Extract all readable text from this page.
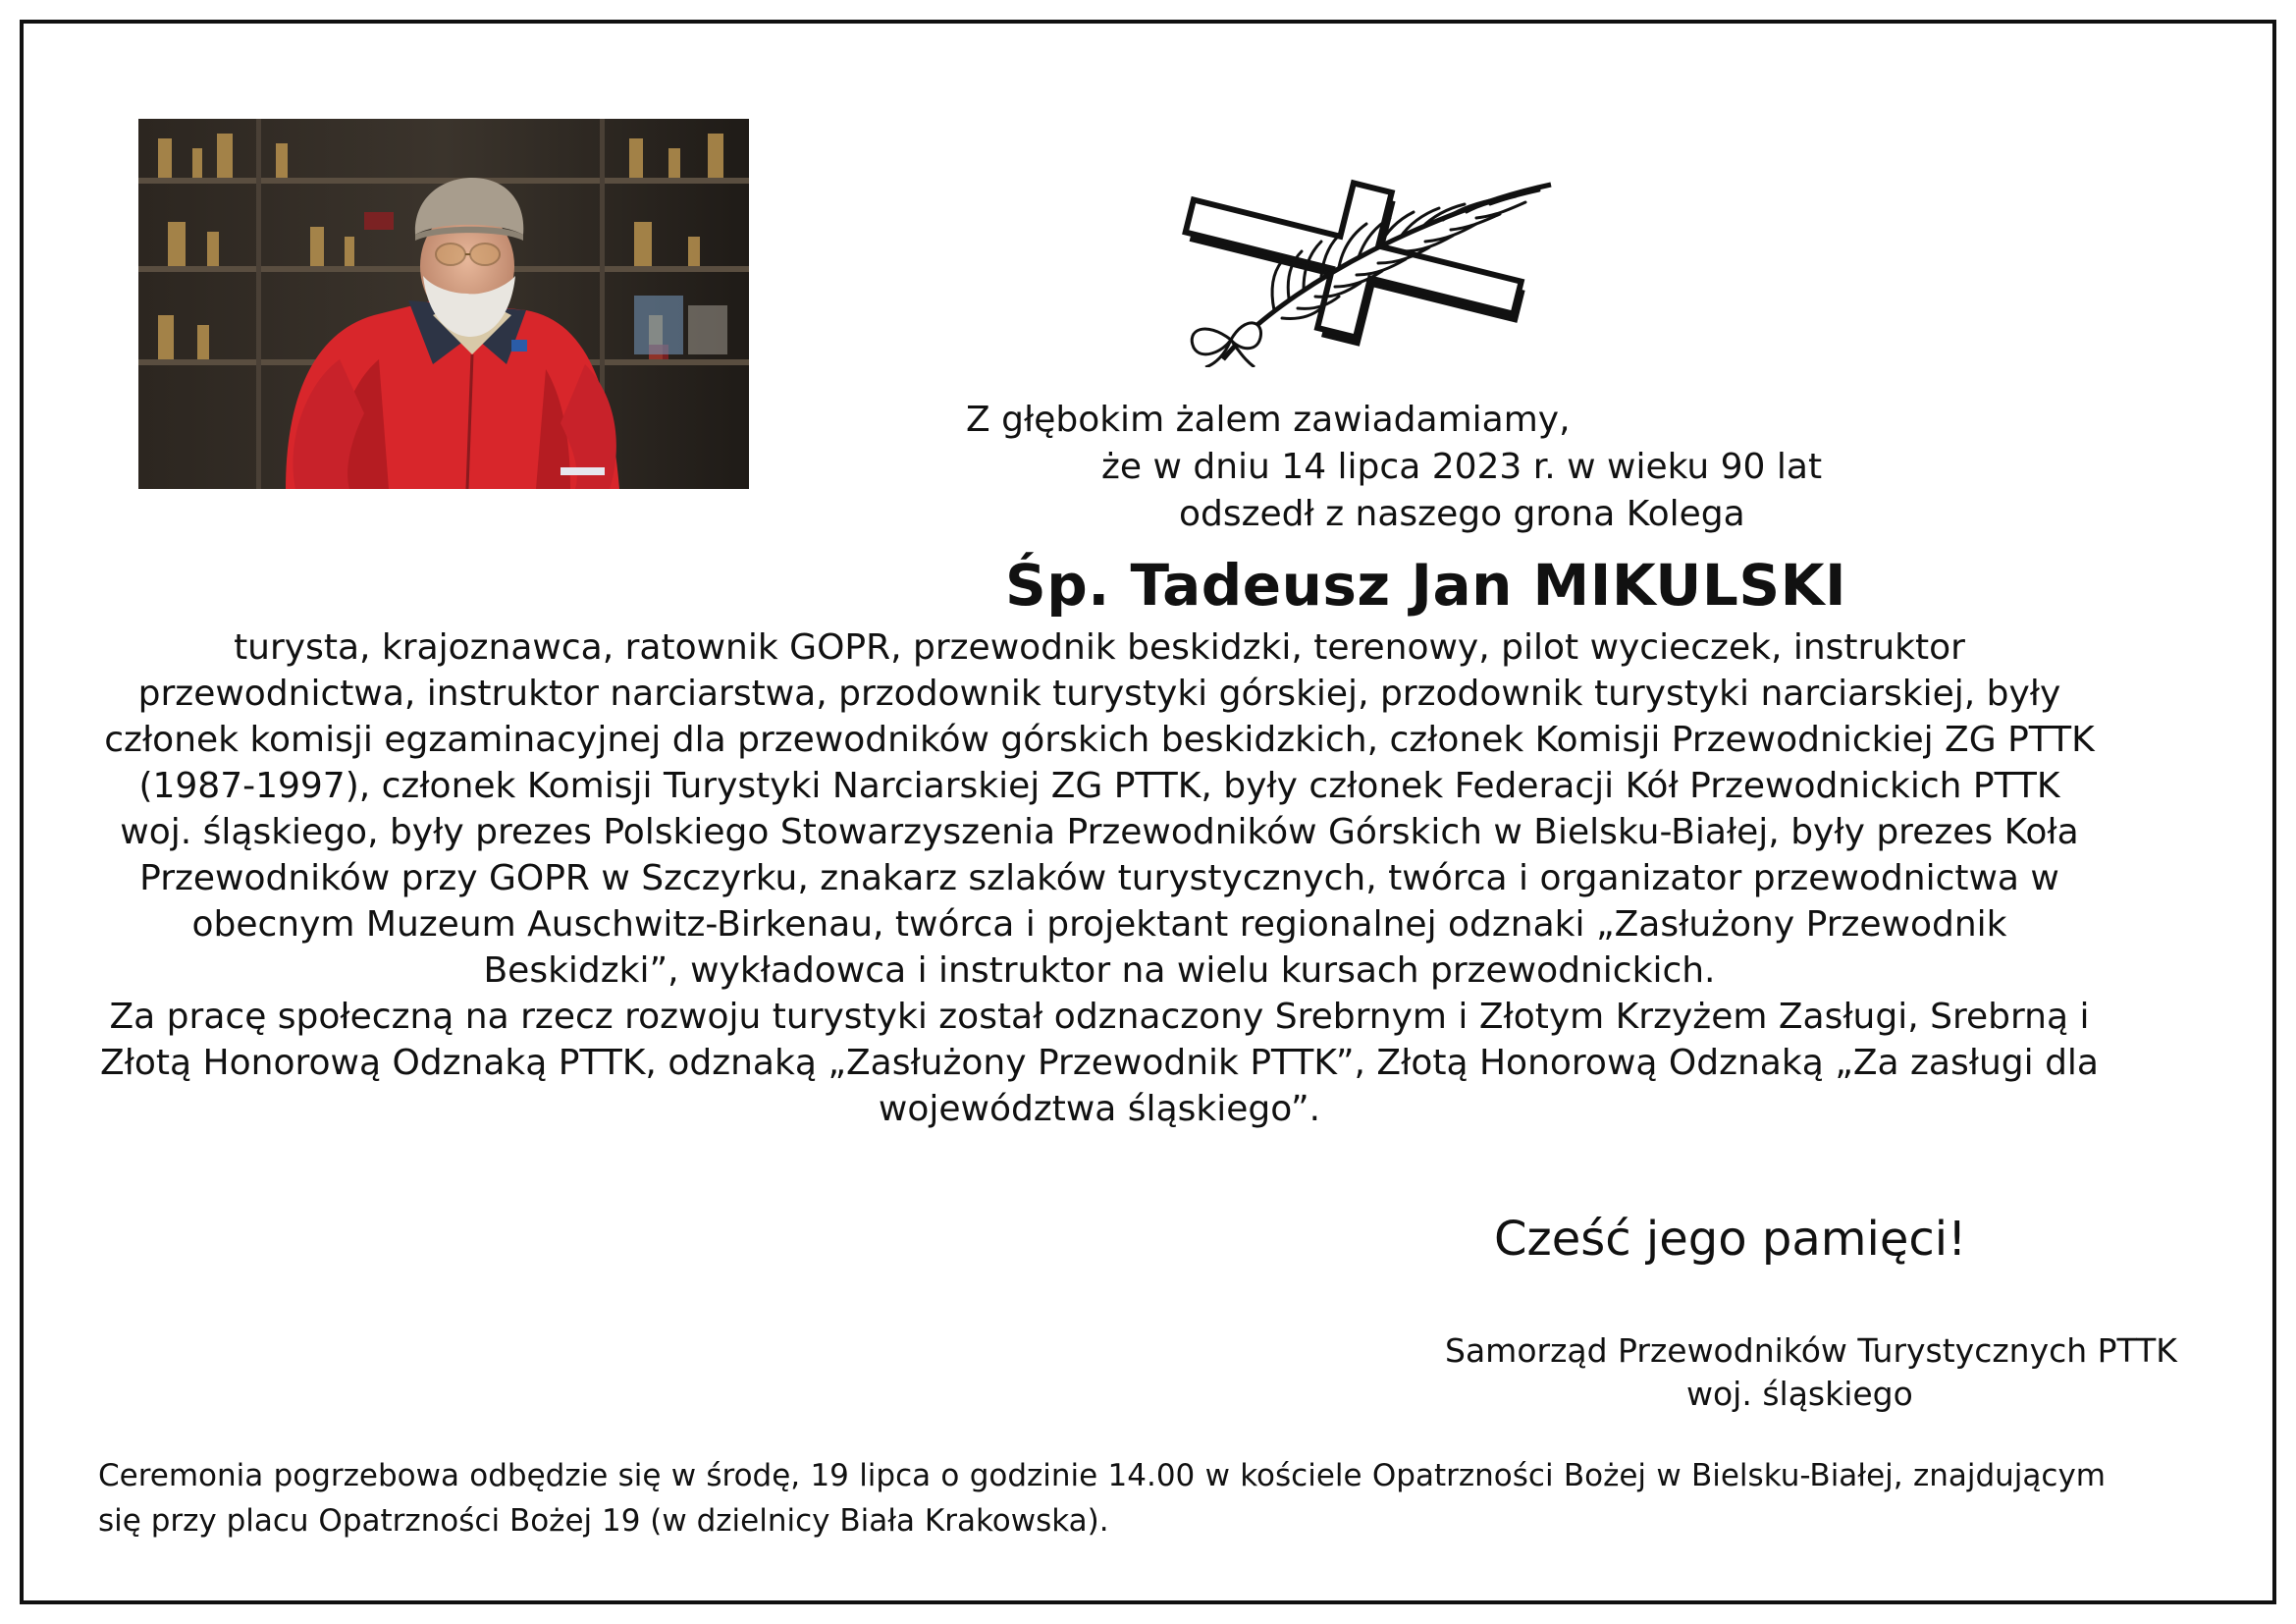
Z głębokim żalem zawiadamiamy,
że w dniu 14 lipca 2023 r. w wieku 90 lat
odszedł z naszego grona Kolega
Śp. Tadeusz Jan MIKULSKI

turysta, krajoznawca, ratownik GOPR, przewodnik beskidzki, terenowy, pilot wycieczek, instruktor przewodnictwa, instruktor narciarstwa, przodownik turystyki górskiej, przodownik turystyki narciarskiej, były członek komisji egzaminacyjnej dla przewodników górskich beskidzkich, członek Komisji Przewodnickiej ZG PTTK (1987-1997), członek Komisji Turystyki Narciarskiej ZG PTTK, były członek Federacji Kół Przewodnickich PTTK woj. śląskiego, były prezes Polskiego Stowarzyszenia Przewodników Górskich w Bielsku-Białej, były prezes Koła Przewodników przy GOPR w Szczyrku, znakarz szlaków turystycznych, twórca i organizator przewodnictwa w obecnym Muzeum Auschwitz-Birkenau, twórca i projektant regionalnej odznaki „Zasłużony Przewodnik Beskidzki”, wykładowca i instruktor na wielu kursach przewodnickich.

Za pracę społeczną na rzecz rozwoju turystyki został odznaczony Srebrnym i Złotym Krzyżem Zasługi, Srebrną i Złotą Honorową Odznaką PTTK, odznaką „Zasłużony Przewodnik PTTK”, Złotą Honorową Odznaką „Za zasługi dla województwa śląskiego”.

Cześć jego pamięci!
Samorząd Przewodników Turystycznych PTTK
woj. śląskiego
Ceremonia pogrzebowa odbędzie się w środę, 19 lipca o godzinie 14.00 w kościele Opatrzności Bożej w Bielsku-Białej, znajdującym się przy placu Opatrzności Bożej 19 (w dzielnicy Biała Krakowska).
